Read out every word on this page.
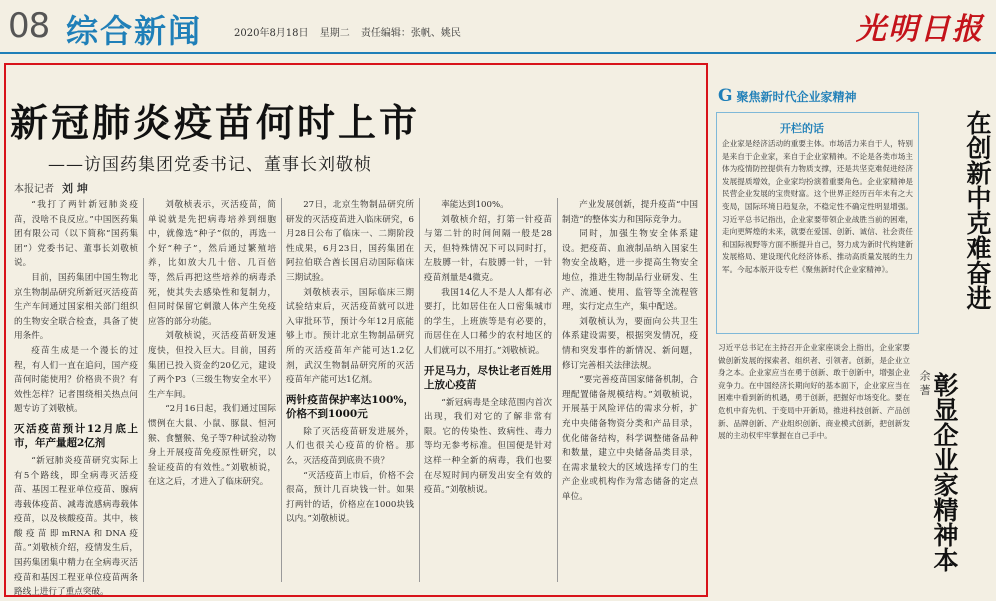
08 综合新闻	2020年8月18日 星期二 责任编辑：张帆、姚民	光明日报
新冠肺炎疫苗何时上市
——访国药集团党委书记、董事长刘敬桢
本报记者 刘 坤

“我打了两针新冠肺炎疫苗，没啥不良反应。”中国医药集团有限公司（以下简称“国药集团”）党委书记、董事长刘敬桢说。

目前，国药集团中国生物北京生物制品研究所新冠灭活疫苗生产车间通过国家相关部门组织的生物安全联合检查，具备了使用条件。

疫苗生成是一个漫长的过程，有人们一直在追问，国产疫苗何时能使用？价格贵不贵？有效性怎样？记者围绕相关热点问题专访了刘敬桢。

灭活疫苗预计12月底上市，年产量超2亿剂

“新冠肺炎疫苗研究实际上有5个路线，即全病毒灭活疫苗、基因工程亚单位疫苗、腺病毒载体疫苗、减毒流感病毒载体疫苗，以及核酸疫苗。其中，核酸疫苗即mRNA和DNA疫苗。”刘敬桢介绍，疫情发生后，国药集团集中精力在全病毒灭活疫苗和基因工程亚单位疫苗两条路线上进行了重点突破。

刘敬桢表示，灭活疫苗，简单说就是先把病毒培养到细胞中，就像选“种子”似的，再选一个好“种子”，然后通过繁殖培养，比如放大几十倍、几百倍等，然后再把这些培养的病毒杀死，使其失去感染性和复制力，但同时保留它刺激人体产生免疫应答的部分功能。

刘敬桢说，灭活疫苗研发速度快，但投入巨大。目前，国药集团已投入资金约20亿元，建设了两个P3（三级生物安全水平）生产车间。

“2月16日起，我们通过国际惯例在大鼠、小鼠、豚鼠、恒河猴、食蟹猴、兔子等7种试验动物身上开展疫苗免疫原性研究，以验证疫苗的有效性。”刘敬桢说，在这之后，才进入了临床研究。

27日，北京生物制品研究所研发的灭活疫苗进入临床研究，6月28日公布了临床一、二期阶段性成果，6月23日，国药集团在阿拉伯联合酋长国启动国际临床三期试验。

刘敬桢表示，国际临床三期试验结束后，灭活疫苗就可以进入审批环节，预计今年12月底能够上市。预计北京生物制品研究所的灭活疫苗年产能可达1.2亿剂，武汉生物制品研究所的灭活疫苗年产能可达1亿剂。

两针疫苗保护率达100%，价格不到1000元

除了灭活疫苗研发进展外，人们也很关心疫苗的价格。那么，灭活疫苗到底贵不贵？

“灭活疫苗上市后，价格不会很高，预计几百块钱一针。如果打两针的话，价格应在1000块钱以内。”刘敬桢说。

率能达到100%。

刘敬桢介绍，打第一针疫苗与第二针的时间间隔一般是28天，但特殊情况下可以同时打，左肢膊一针，右肢膊一针，一针疫苗剂量是4微克。

我国14亿人不是人人都有必要打，比如居住在人口密集城市的学生，上班族等是有必要的，而居住在人口稀少的农村地区的人们就可以不用打。”刘敬桢说。

开足马力，尽快让老百姓用上放心疫苗

“新冠病毒是全球范围内首次出现，我们对它的了解非常有限。它的传染性、致病性、毒力等均无参考标准。但国便是针对这样一种全新的病毒，我们也要在尽短时间内研发出安全有效的疫苗。”刘敬桢说。

产业发展创新，提升疫苗“中国制造”的整体实力和国际竞争力。

同时，加强生物安全体系建设。把疫苗、血液制品纳入国家生物安全战略，进一步提高生物安全地位，推进生物制品行业研发、生产、流通、使用、监管等全流程管理，实行定点生产，集中配送。

刘敬桢认为，要面向公共卫生体系建设需要，根据突发情况，疫情和突发事件的新情况、新问题，修订完善相关法律法规。

“要完善疫苗国家储备机制，合理配置储备规模结构。”刘敬桢说，开展基于风险评估的需求分析，扩充中央储备物资分类和产品目录，优化储备结构，科学调整储备品种和数量，建立中央储备品类目录，在需求量较大的区域选择专门的生产企业或机构作为常态储备的定点单位。

G 聚焦新时代企业家精神
开栏的话
企业家是经济活动的重要主体。市场活力来自于人，特别是来自于企业家，来自于企业家精神。不论是各类市场主体为疫情防控提供有力物质支撑，还是共坚克难促进经济发展提质增效，企业家均扮演着重要角色。企业家精神是民营企业发展的宝贵财富。这个世界正经历百年未有之大变局，国际环境日趋复杂，不稳定性不确定性明显增强。习近平总书记指出，企业家要带领企业战胜当前的困难，走向更辉煌的未来，就要在爱国、创新、诚信、社会责任和国际视野等方面不断提升自己，努力成为新时代构建新发展格局、建设现代化经济体系、推动高质量发展的生力军。今起本版开设专栏《聚焦新时代企业家精神》。	在创新中克难奋进
彰显企业家精神本
余 蓍
习近平总书记在主持召开企业家座谈会上指出，企业家要做创新发展的探索者、组织者、引领者。创新，是企业立身之本。企业家应当在勇于创新、敢于创新中，增强企业竞争力。在中国经济长期向好的基本面下，企业家应当在困难中看到新的机遇，勇于创新，把握好市场变化。要在危机中育先机、于变局中开新局，推进科技创新、产品创新、品牌创新、产业组织创新、商业模式创新，把创新发展的主动权牢牢掌握在自己手中。
